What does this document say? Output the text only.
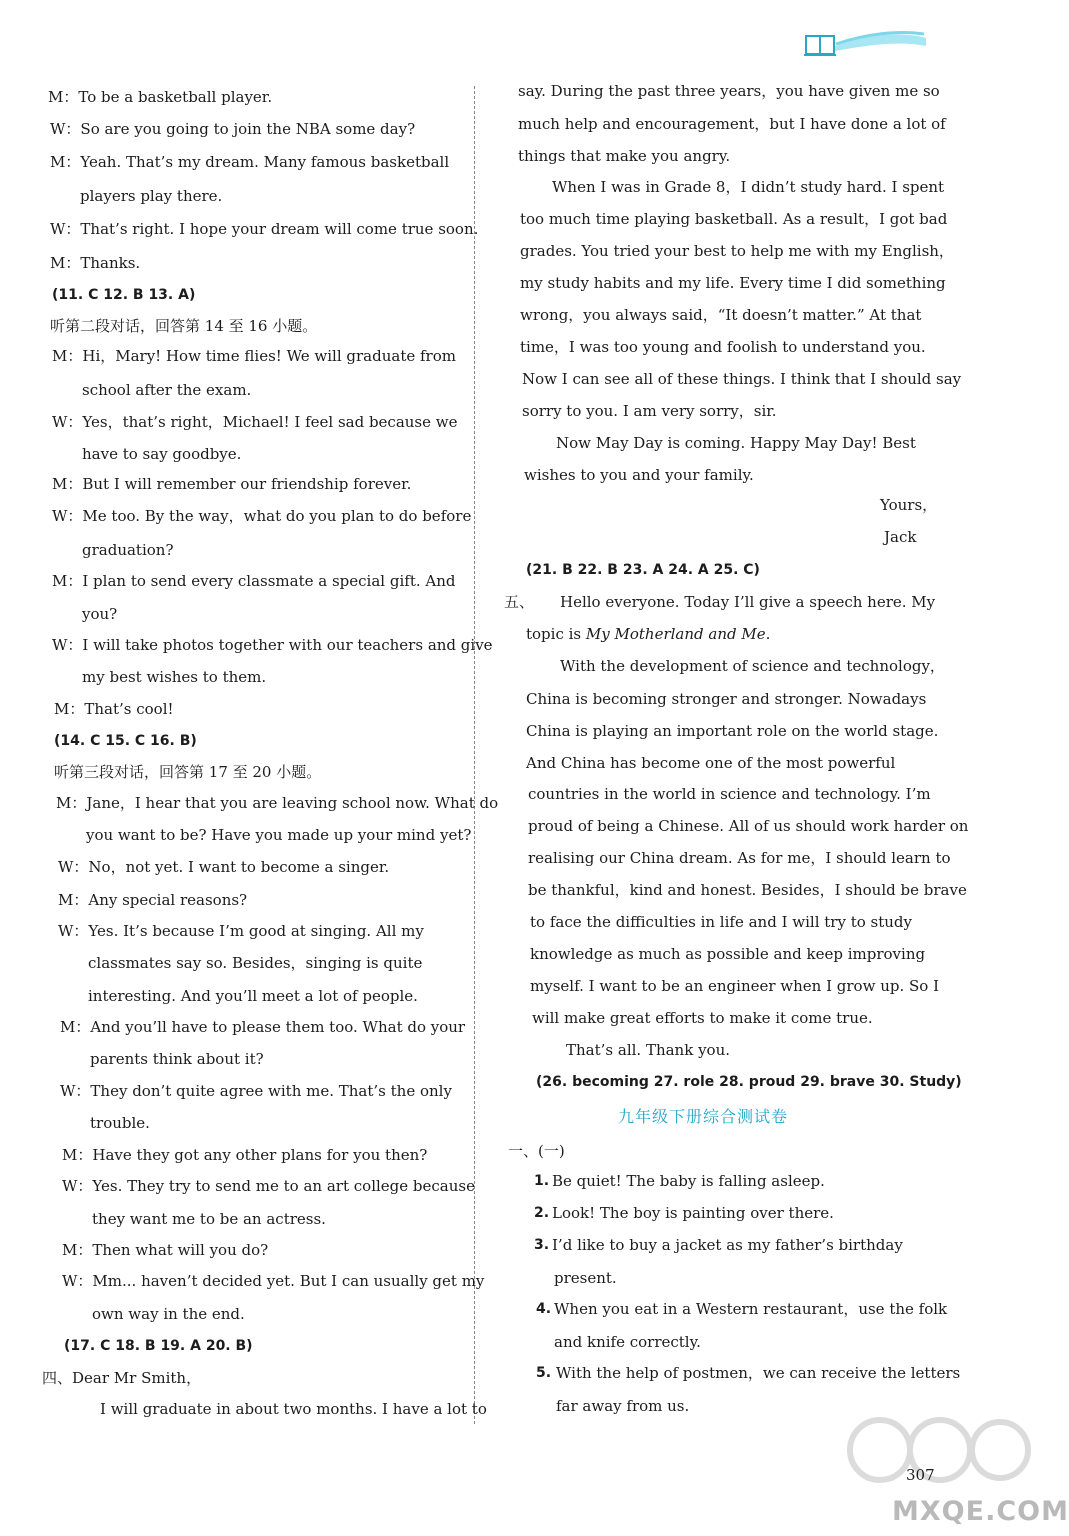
M：To be a basketball player.
W：So are you going to join the NBA some day?
M：Yeah. That’s my dream. Many famous basketball
players play there.
W：That’s right. I hope your dream will come true soon.
M：Thanks.
(11. C 12. B 13. A)
听第二段对话，回答第 14 至 16 小题。
M：Hi，Mary! How time flies! We will graduate from
school after the exam.
W：Yes，that’s right，Michael! I feel sad because we
have to say goodbye.
M：But I will remember our friendship forever.
W：Me too. By the way，what do you plan to do before
graduation?
M：I plan to send every classmate a special gift. And
you?
W：I will take photos together with our teachers and give
my best wishes to them.
M：That’s cool!
(14. C 15. C 16. B)
听第三段对话，回答第 17 至 20 小题。
M：Jane，I hear that you are leaving school now. What do
you want to be? Have you made up your mind yet?
W：No，not yet. I want to become a singer.
M：Any special reasons?
W：Yes. It’s because I’m good at singing. All my
classmates say so. Besides，singing is quite
interesting. And you’ll meet a lot of people.
M：And you’ll have to please them too. What do your
parents think about it?
W：They don’t quite agree with me. That’s the only
trouble.
M：Have they got any other plans for you then?
W：Yes. They try to send me to an art college because
they want me to be an actress.
M：Then what will you do?
W：Mm... haven’t decided yet. But I can usually get my
own way in the end.
(17. C 18. B 19. A 20. B)
四、Dear Mr Smith，
I will graduate in about two months. I have a lot to
say. During the past three years，you have given me so
much help and encouragement，but I have done a lot of
things that make you angry.
When I was in Grade 8，I didn’t study hard. I spent
too much time playing basketball. As a result，I got bad
grades. You tried your best to help me with my English，
my study habits and my life. Every time I did something
wrong，you always said，“It doesn’t matter.” At that
time，I was too young and foolish to understand you.
Now I can see all of these things. I think that I should say
sorry to you. I am very sorry，sir.
Now May Day is coming. Happy May Day! Best
wishes to you and your family.
Yours，
Jack
(21. B 22. B 23. A 24. A 25. C)
五、 Hello everyone. Today I’ll give a speech here. My
topic is My Motherland and Me.
With the development of science and technology，
China is becoming stronger and stronger. Nowadays
China is playing an important role on the world stage.
And China has become one of the most powerful
countries in the world in science and technology. I’m
proud of being a Chinese. All of us should work harder on
realising our China dream. As for me，I should learn to
be thankful，kind and honest. Besides，I should be brave
to face the difficulties in life and I will try to study
knowledge as much as possible and keep improving
myself. I want to be an engineer when I grow up. So I
will make great efforts to make it come true.
That’s all. Thank you.
(26. becoming 27. role 28. proud 29. brave 30. Study)
九年级下册综合测试卷
一、(一)
1. Be quiet! The baby is falling asleep.
2. Look! The boy is painting over there.
3. I’d like to buy a jacket as my father’s birthday
present.
4. When you eat in a Western restaurant，use the folk
and knife correctly.
5. With the help of postmen，we can receive the letters
far away from us.
307
MXQE.COM
